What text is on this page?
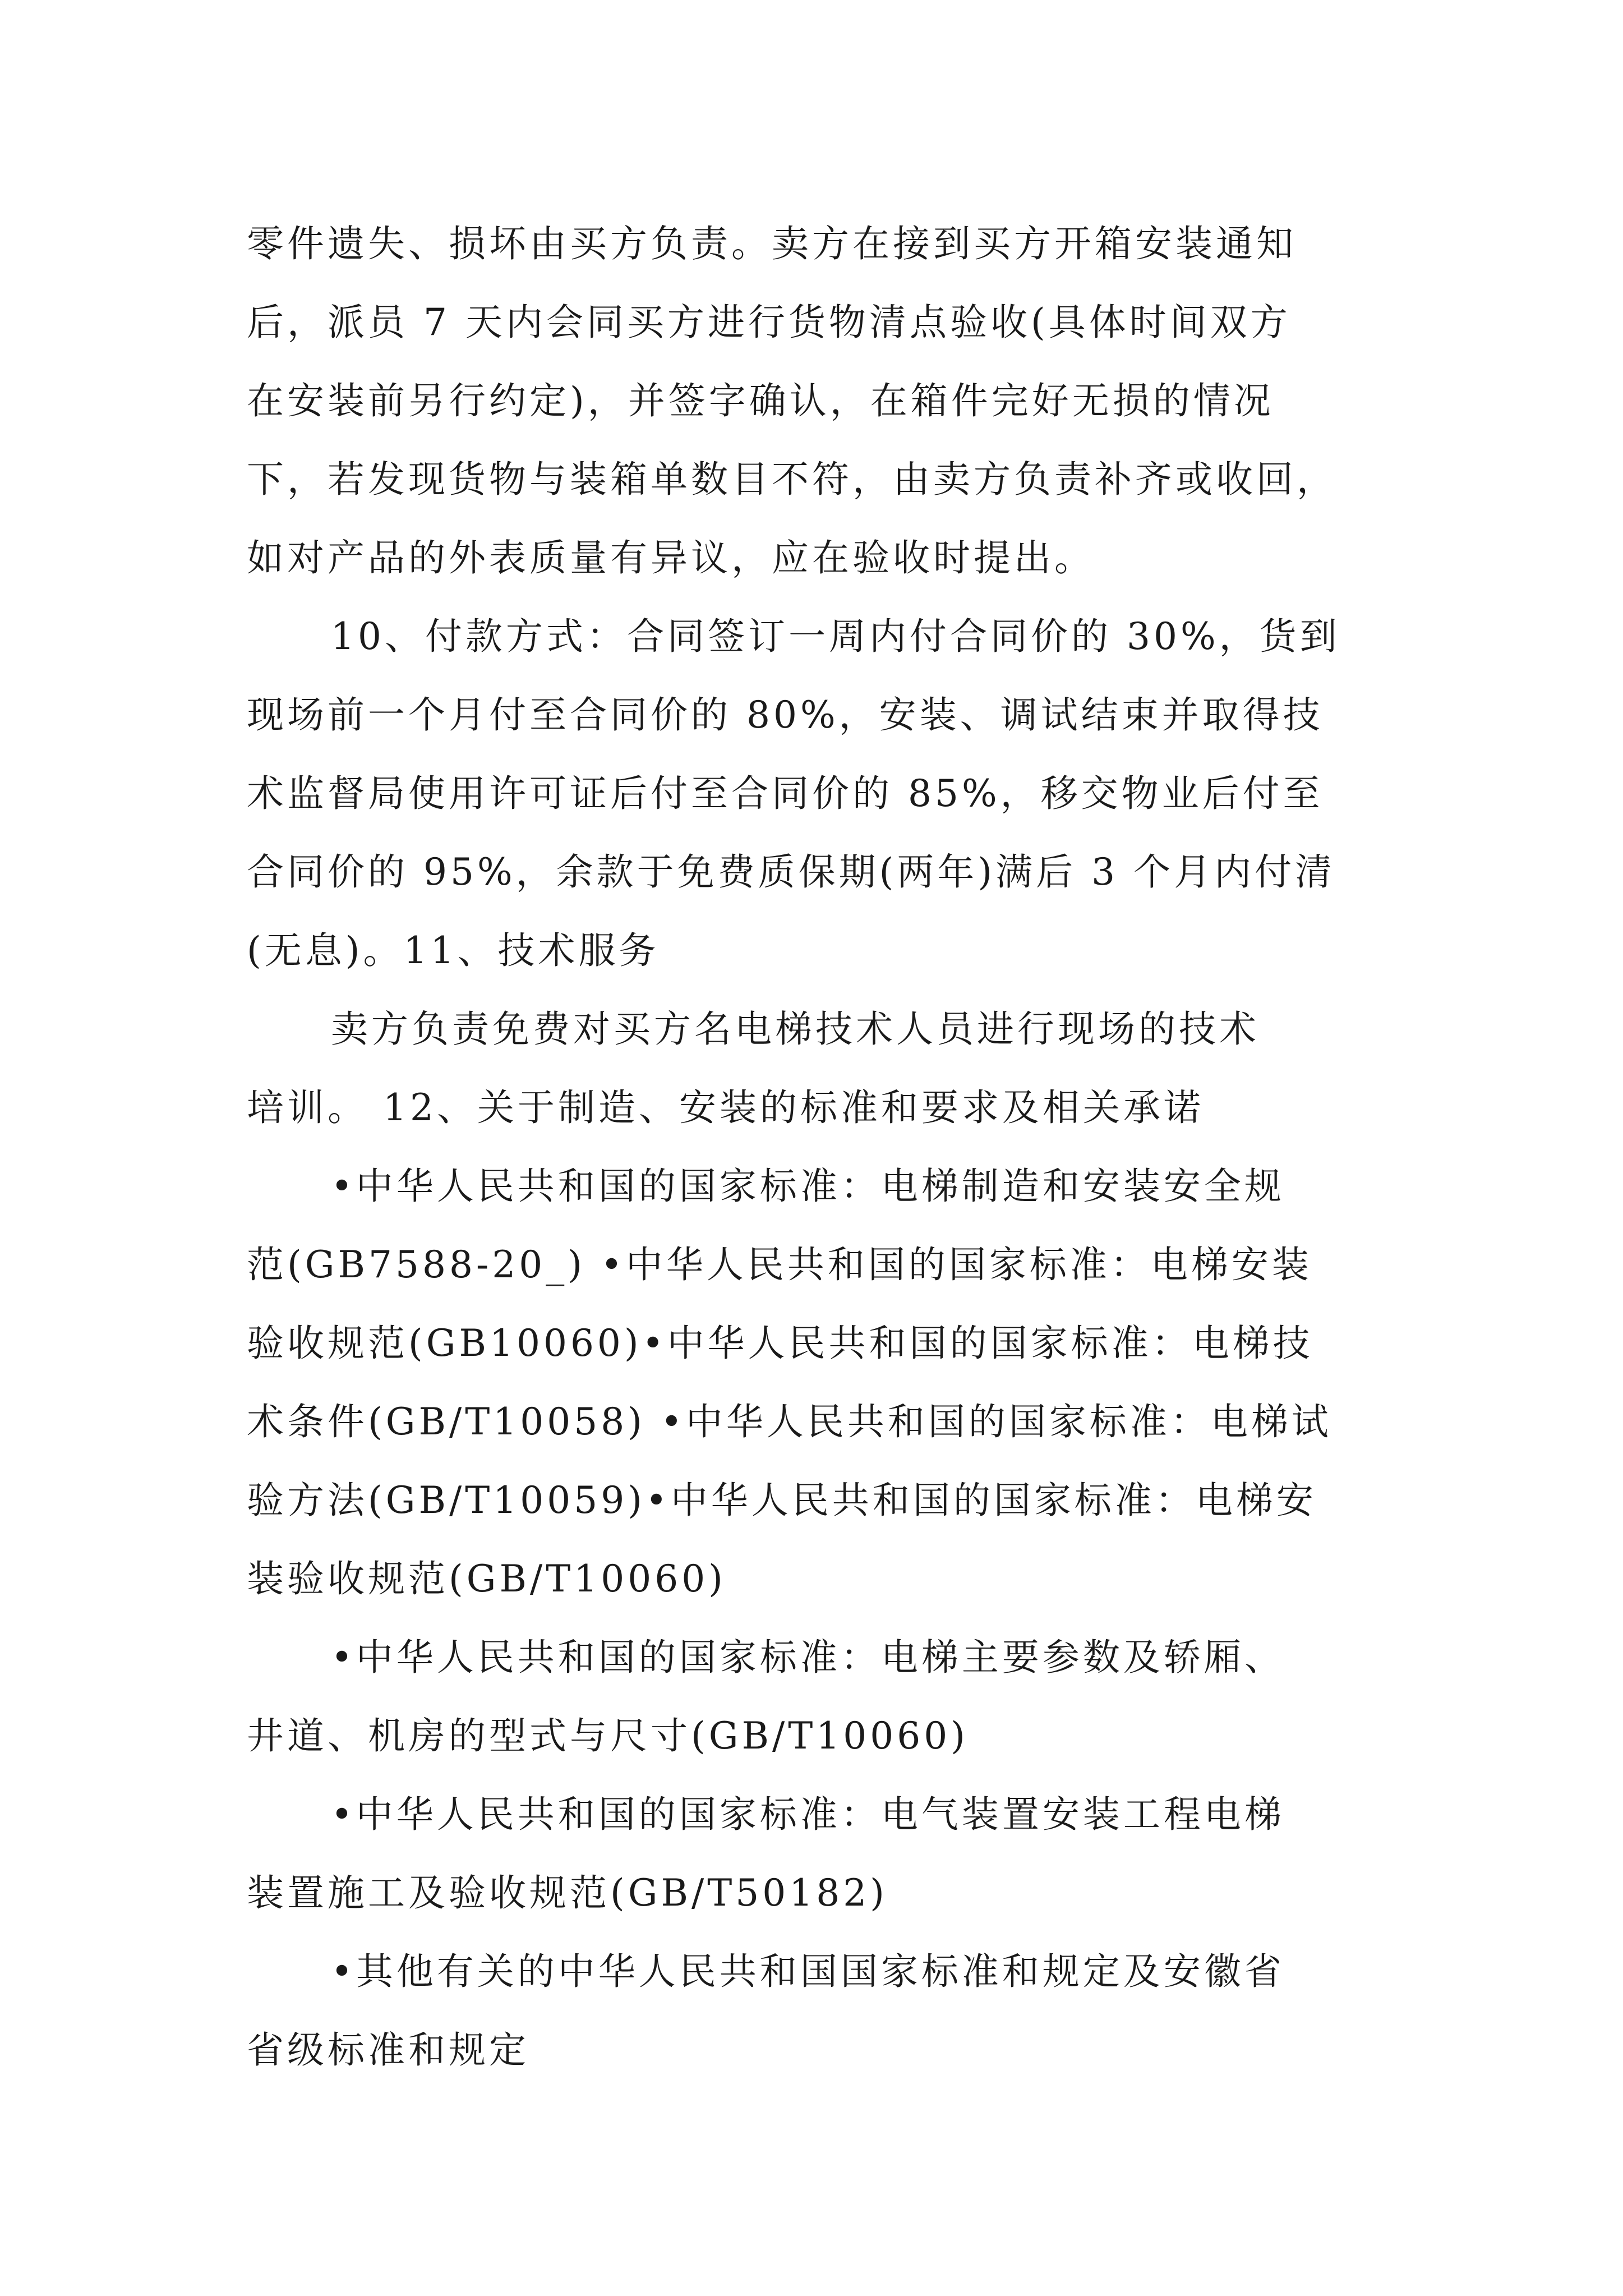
零件遗失、损坏由买方负责。卖方在接到买方开箱安装通知

后，派员 7 天内会同买方进行货物清点验收(具体时间双方

在安装前另行约定)，并签字确认，在箱件完好无损的情况

下，若发现货物与装箱单数目不符，由卖方负责补齐或收回，

如对产品的外表质量有异议，应在验收时提出。

10、付款方式：合同签订一周内付合同价的 30%，货到

现场前一个月付至合同价的 80%，安装、调试结束并取得技

术监督局使用许可证后付至合同价的 85%，移交物业后付至

合同价的 95%，余款于免费质保期(两年)满后 3 个月内付清

(无息)。11、技术服务

卖方负责免费对买方名电梯技术人员进行现场的技术

培训。 12、关于制造、安装的标准和要求及相关承诺

•中华人民共和国的国家标准：电梯制造和安装安全规

范(GB7588-20_) •中华人民共和国的国家标准：电梯安装

验收规范(GB10060)•中华人民共和国的国家标准：电梯技

术条件(GB/T10058) •中华人民共和国的国家标准：电梯试

验方法(GB/T10059)•中华人民共和国的国家标准：电梯安

装验收规范(GB/T10060)

•中华人民共和国的国家标准：电梯主要参数及轿厢、

井道、机房的型式与尺寸(GB/T10060)

•中华人民共和国的国家标准：电气装置安装工程电梯

装置施工及验收规范(GB/T50182)

•其他有关的中华人民共和国国家标准和规定及安徽省

省级标准和规定
